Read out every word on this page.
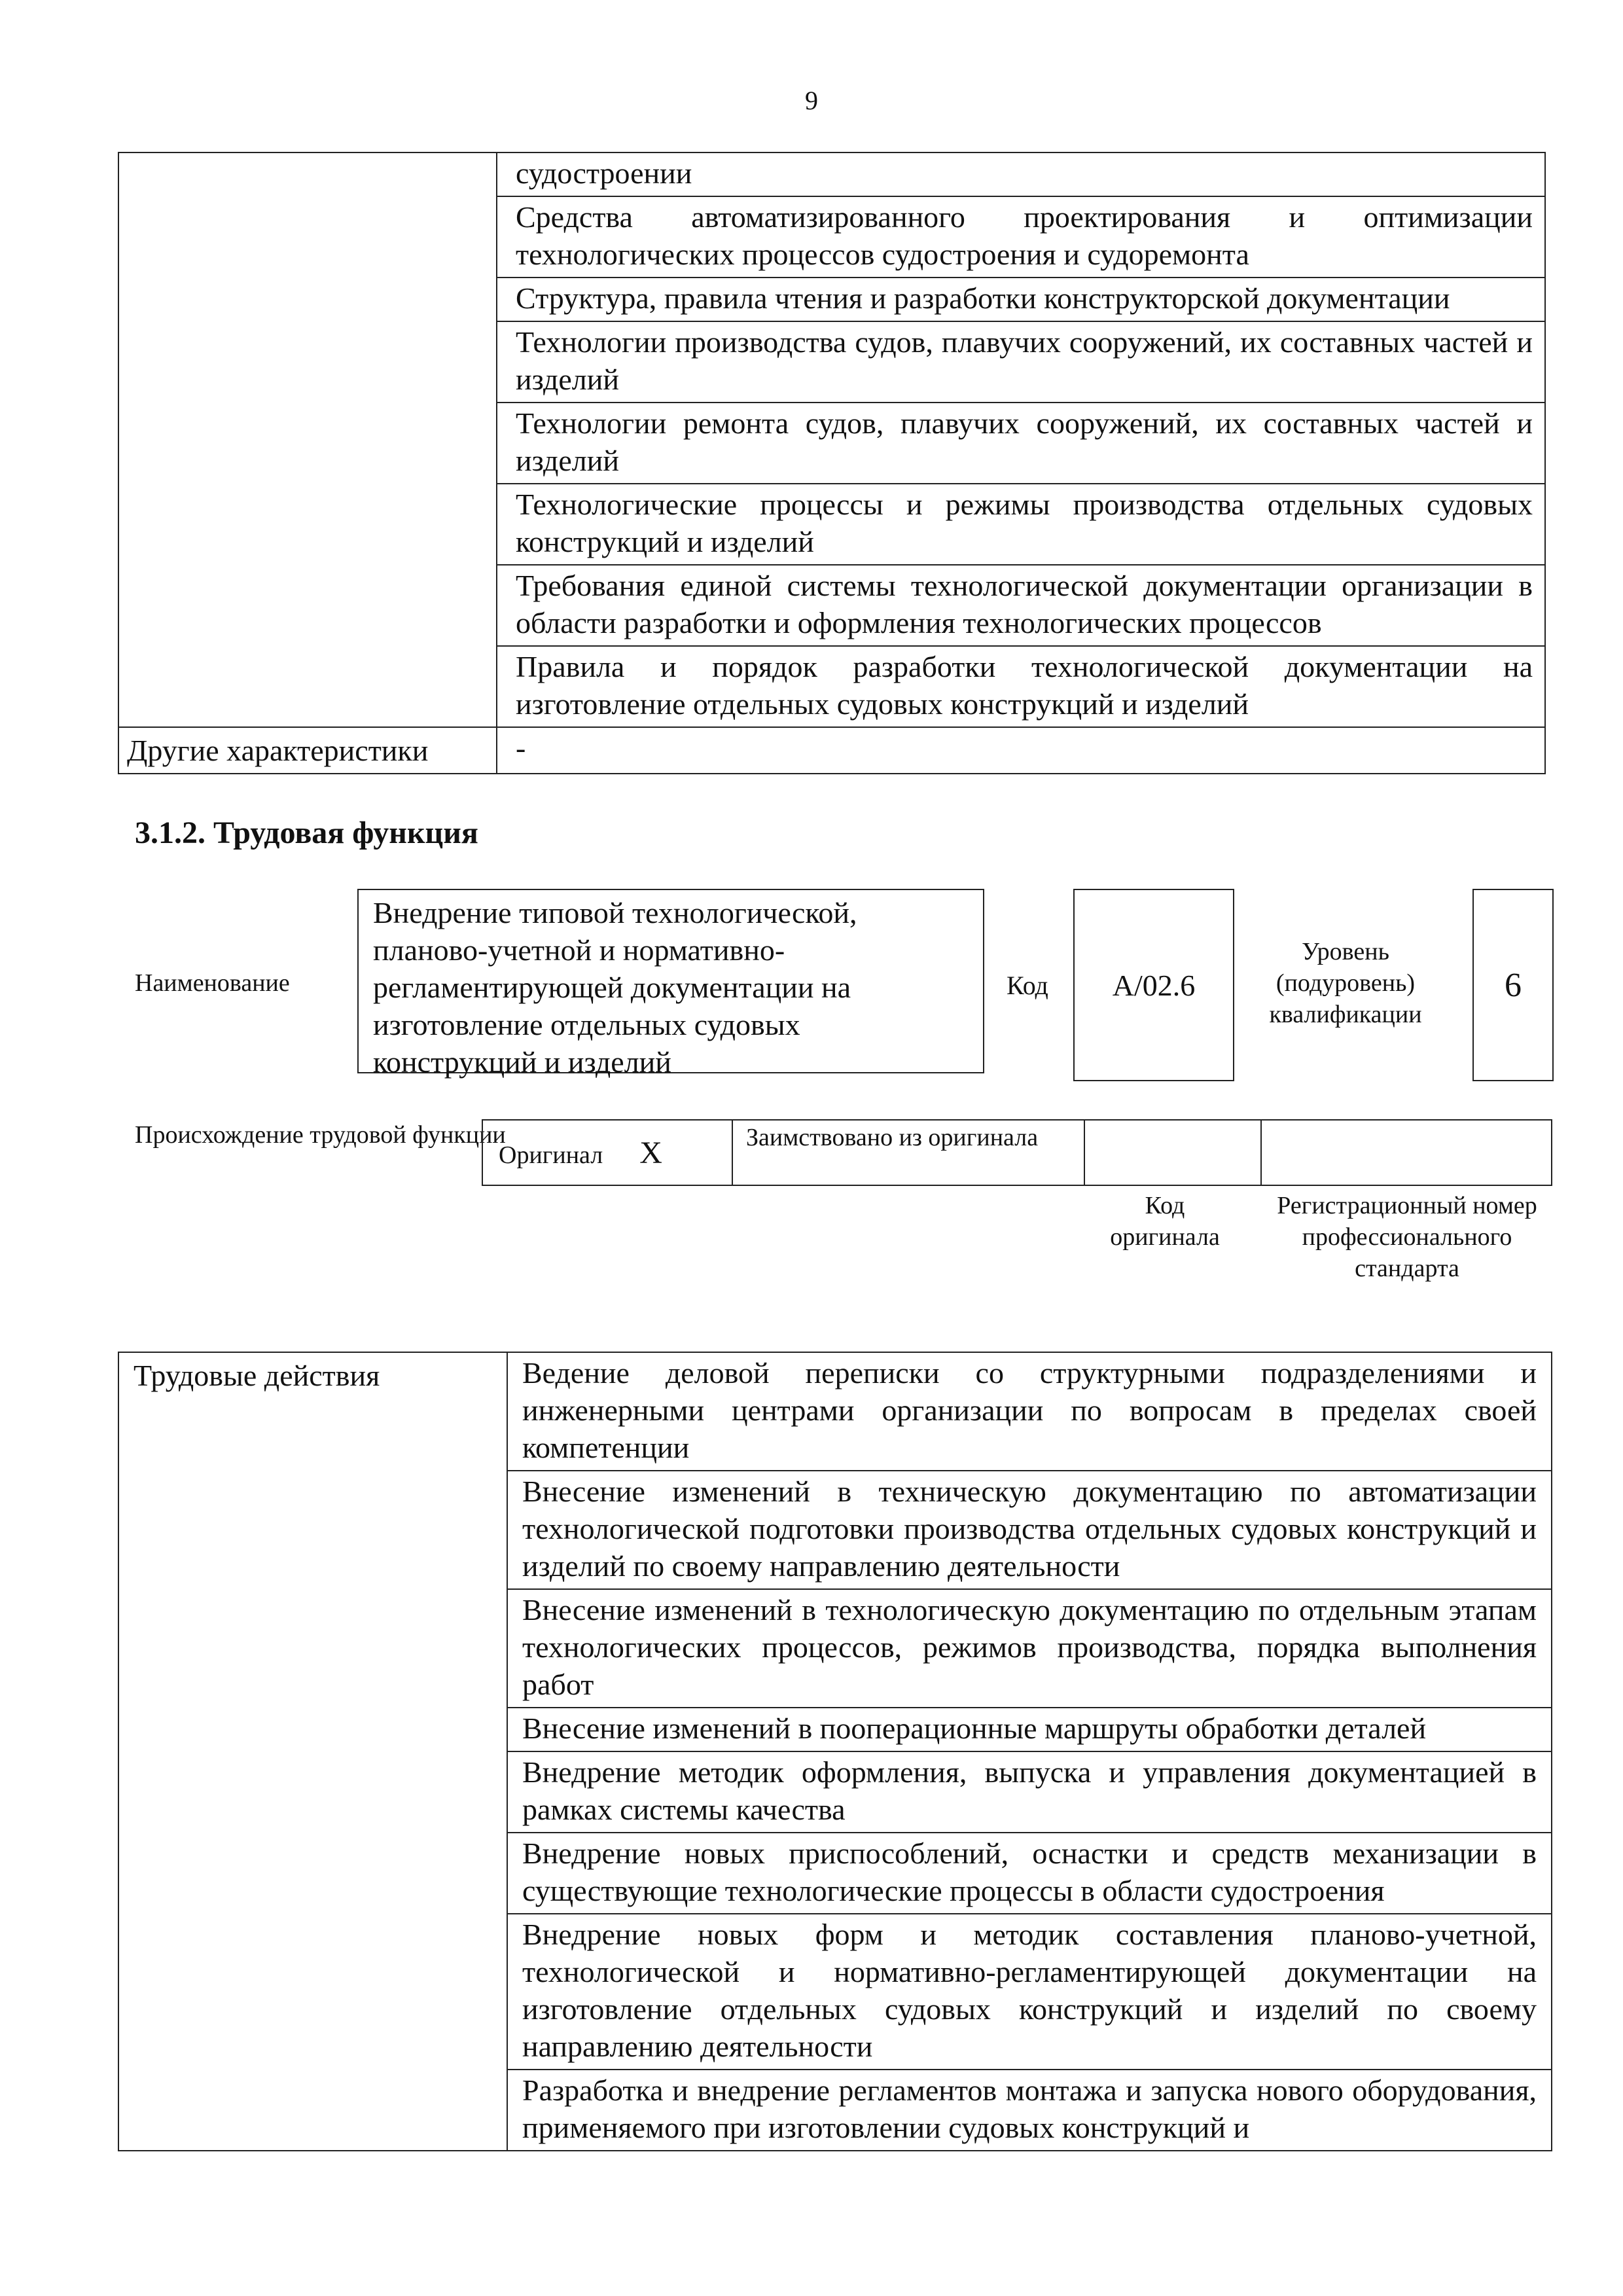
9
	судостроении
	Средства автоматизированного проектирования и оптимизации технологических процессов судостроения и судоремонта
	Структура, правила чтения и разработки конструкторской документации
	Технологии производства судов, плавучих сооружений, их составных частей и изделий
	Технологии ремонта судов, плавучих сооружений, их составных частей и изделий
	Технологические процессы и режимы производства отдельных судовых конструкций и изделий
	Требования единой системы технологической документации организации в области разработки и оформления технологических процессов
	Правила и порядок разработки технологической документации на изготовление отдельных судовых конструкций и изделий
Другие характеристики	-
3.1.2. Трудовая функция
Наименование
Внедрение типовой технологической, планово-учетной и нормативно-регламентирующей документации на изготовление отдельных судовых конструкций и изделий
Код A/02.6
Уровень (подуровень) квалификации
6
Происхождение трудовой функции
Оригинал X	Заимствовано из оригинала		
Код оригинала
Регистрационный номер профессионального стандарта
Трудовые действия	Ведение деловой переписки со структурными подразделениями и инженерными центрами организации по вопросам в пределах своей компетенции
Внесение изменений в техническую документацию по автоматизации технологической подготовки производства отдельных судовых конструкций и изделий по своему направлению деятельности
Внесение изменений в технологическую документацию по отдельным этапам технологических процессов, режимов производства, порядка выполнения работ
Внесение изменений в пооперационные маршруты обработки деталей
Внедрение методик оформления, выпуска и управления документацией в рамках системы качества
Внедрение новых приспособлений, оснастки и средств механизации в существующие технологические процессы в области судостроения
Внедрение новых форм и методик составления планово-учетной, технологической и нормативно-регламентирующей документации на изготовление отдельных судовых конструкций и изделий по своему направлению деятельности
Разработка и внедрение регламентов монтажа и запуска нового оборудования, применяемого при изготовлении судовых конструкций и
